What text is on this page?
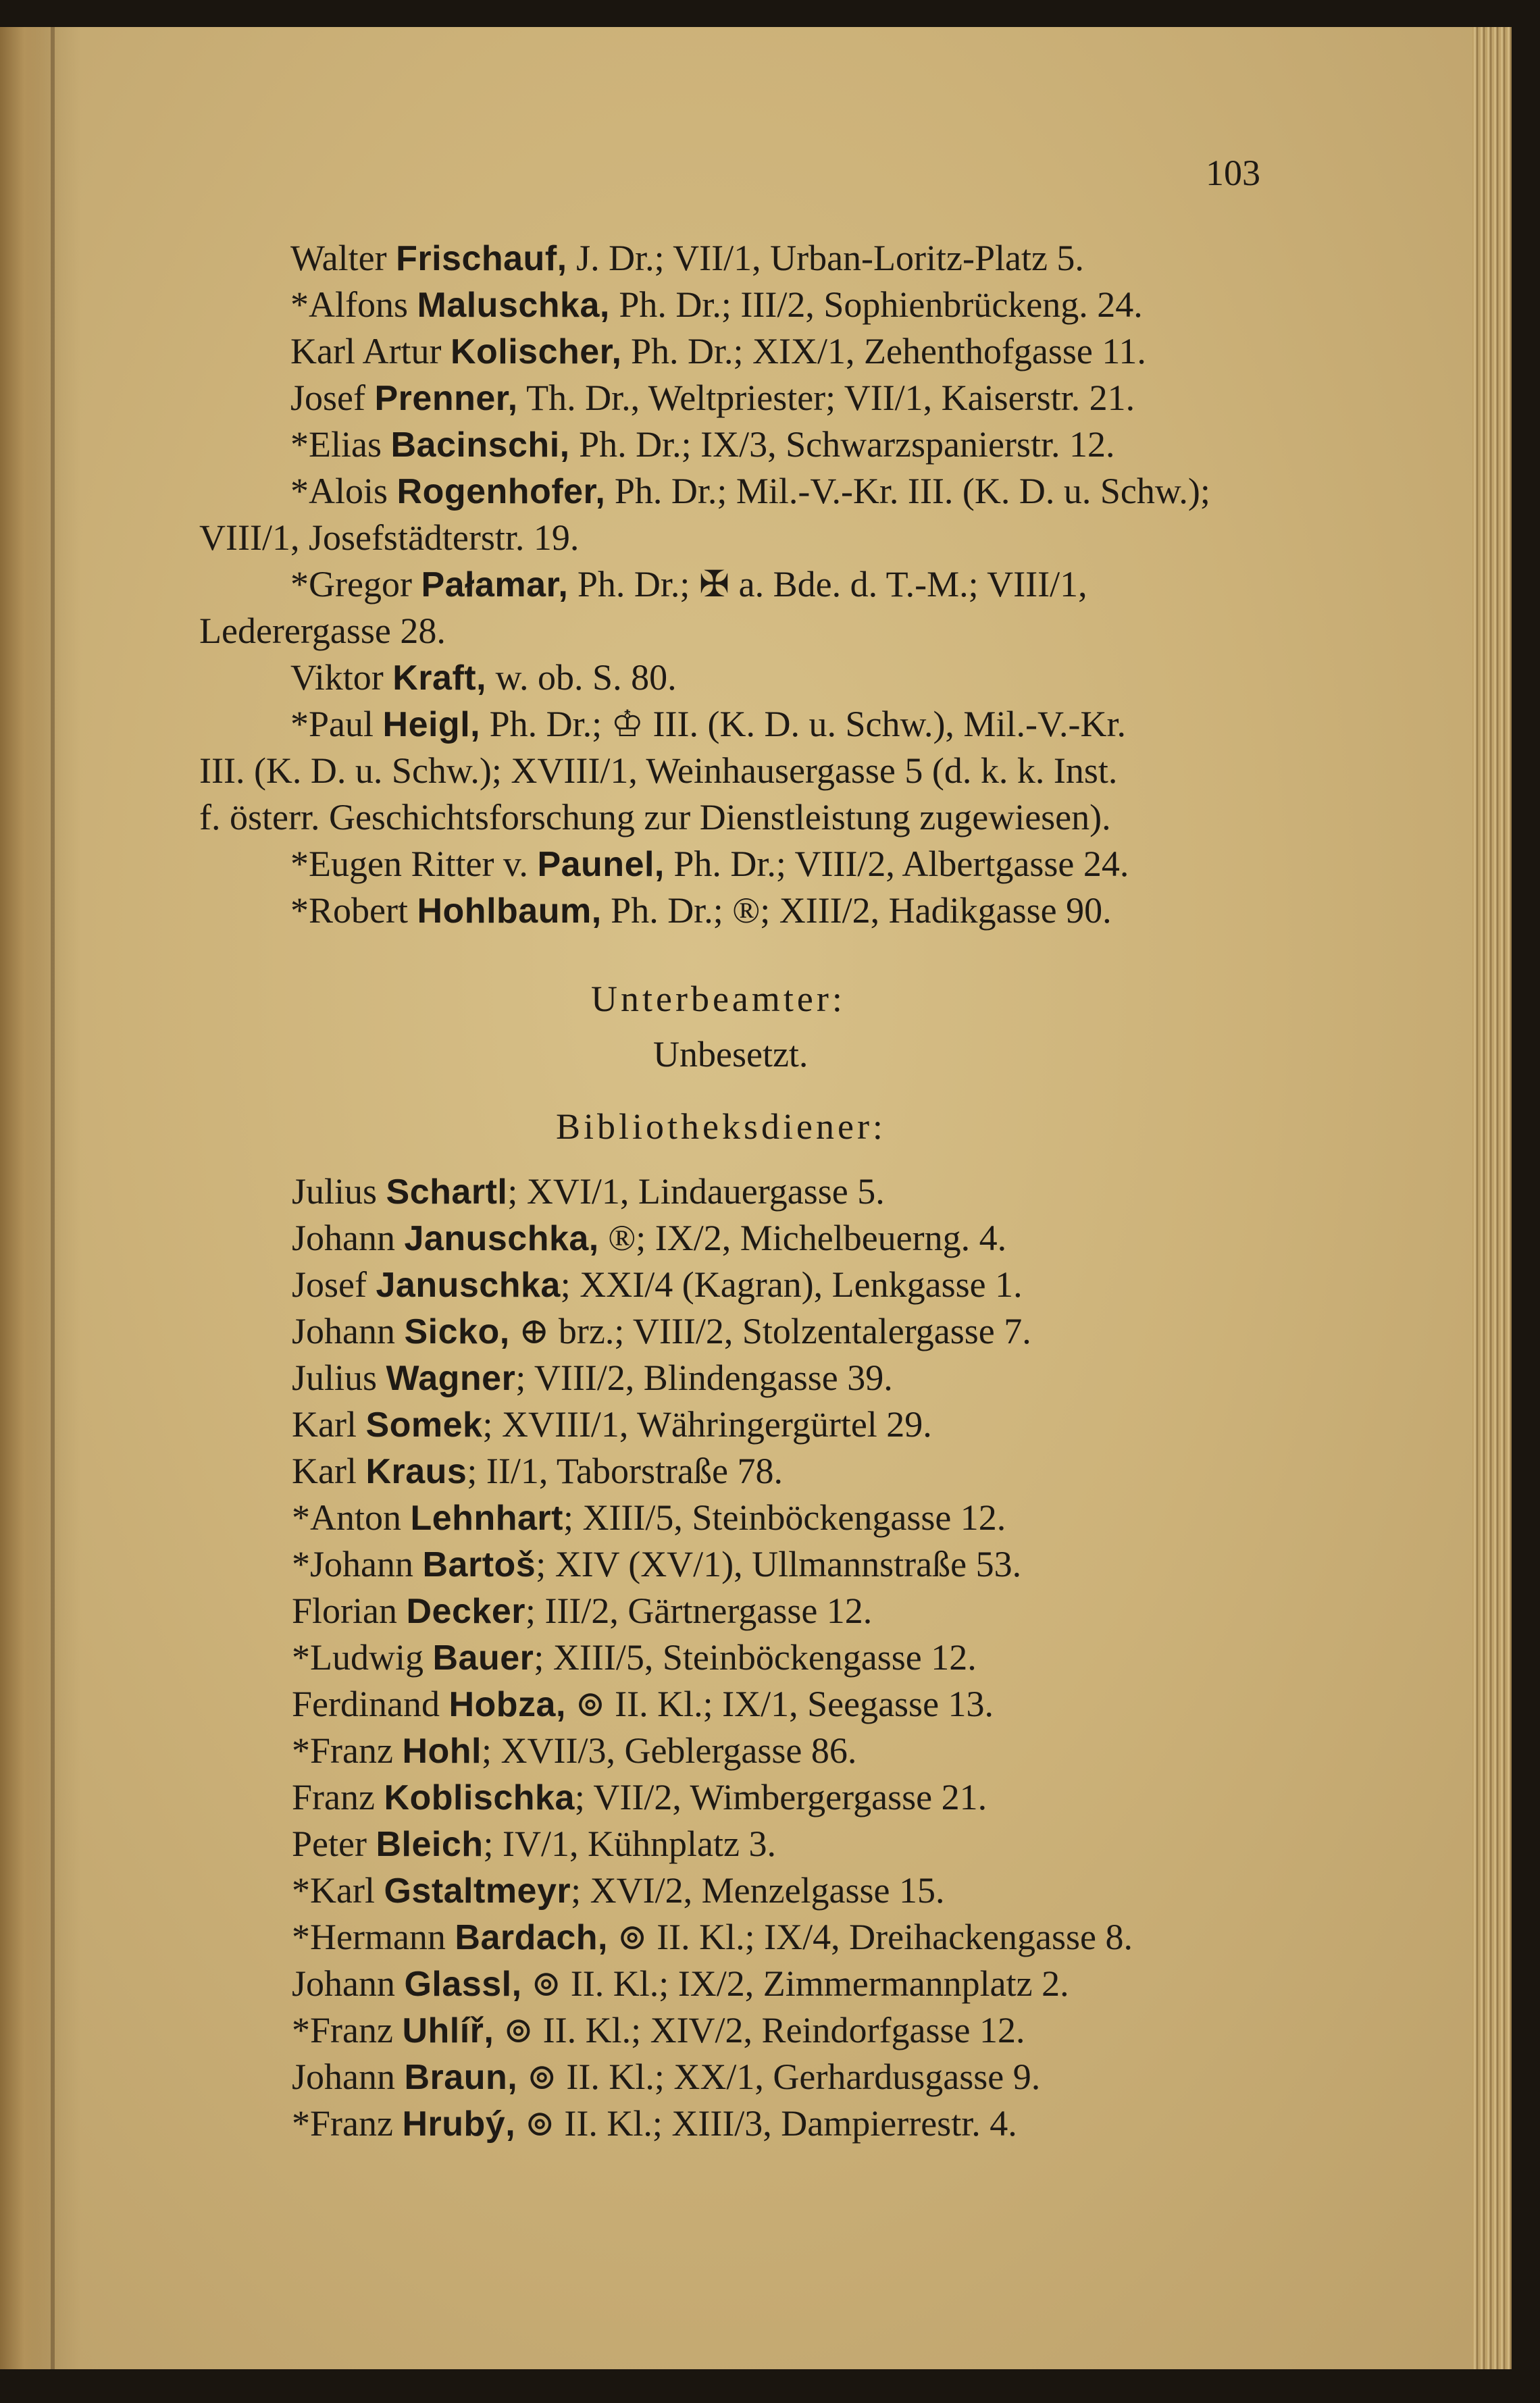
103
Walter Frischauf, J. Dr.; VII/1, Urban-Loritz-Platz 5.
*Alfons Maluschka, Ph. Dr.; III/2, Sophienbrückeng. 24.
Karl Artur Kolischer, Ph. Dr.; XIX/1, Zehenthofgasse 11.
Josef Prenner, Th. Dr., Weltpriester; VII/1, Kaiserstr. 21.
*Elias Bacinschi, Ph. Dr.; IX/3, Schwarzspanierstr. 12.
*Alois Rogenhofer, Ph. Dr.; Mil.-V.-Kr. III. (K. D. u. Schw.);
VIII/1, Josefstädterstr. 19.
*Gregor Pałamar, Ph. Dr.; ✠ a. Bde. d. T.-M.; VIII/1,
Lederergasse 28.
Viktor Kraft, w. ob. S. 80.
*Paul Heigl, Ph. Dr.; ♔ III. (K. D. u. Schw.), Mil.-V.-Kr.
III. (K. D. u. Schw.); XVIII/1, Weinhausergasse 5 (d. k. k. Inst.
f. österr. Geschichtsforschung zur Dienstleistung zugewiesen).
*Eugen Ritter v. Paunel, Ph. Dr.; VIII/2, Albertgasse 24.
*Robert Hohlbaum, Ph. Dr.; ®; XIII/2, Hadikgasse 90.
Unterbeamter:
Unbesetzt.
Bibliotheksdiener:
Julius Schartl; XVI/1, Lindauergasse 5.
Johann Januschka, ®; IX/2, Michelbeuerng. 4.
Josef Januschka; XXI/4 (Kagran), Lenkgasse 1.
Johann Sicko, ⊕ brz.; VIII/2, Stolzentalergasse 7.
Julius Wagner; VIII/2, Blindengasse 39.
Karl Somek; XVIII/1, Währingergürtel 29.
Karl Kraus; II/1, Taborstraße 78.
*Anton Lehnhart; XIII/5, Steinböckengasse 12.
*Johann Bartoš; XIV (XV/1), Ullmannstraße 53.
Florian Decker; III/2, Gärtnergasse 12.
*Ludwig Bauer; XIII/5, Steinböckengasse 12.
Ferdinand Hobza, ⊚ II. Kl.; IX/1, Seegasse 13.
*Franz Hohl; XVII/3, Geblergasse 86.
Franz Koblischka; VII/2, Wimbergergasse 21.
Peter Bleich; IV/1, Kühnplatz 3.
*Karl Gstaltmeyr; XVI/2, Menzelgasse 15.
*Hermann Bardach, ⊚ II. Kl.; IX/4, Dreihackengasse 8.
Johann Glassl, ⊚ II. Kl.; IX/2, Zimmermannplatz 2.
*Franz Uhlíř, ⊚ II. Kl.; XIV/2, Reindorfgasse 12.
Johann Braun, ⊚ II. Kl.; XX/1, Gerhardusgasse 9.
*Franz Hrubý, ⊚ II. Kl.; XIII/3, Dampierrestr. 4.
